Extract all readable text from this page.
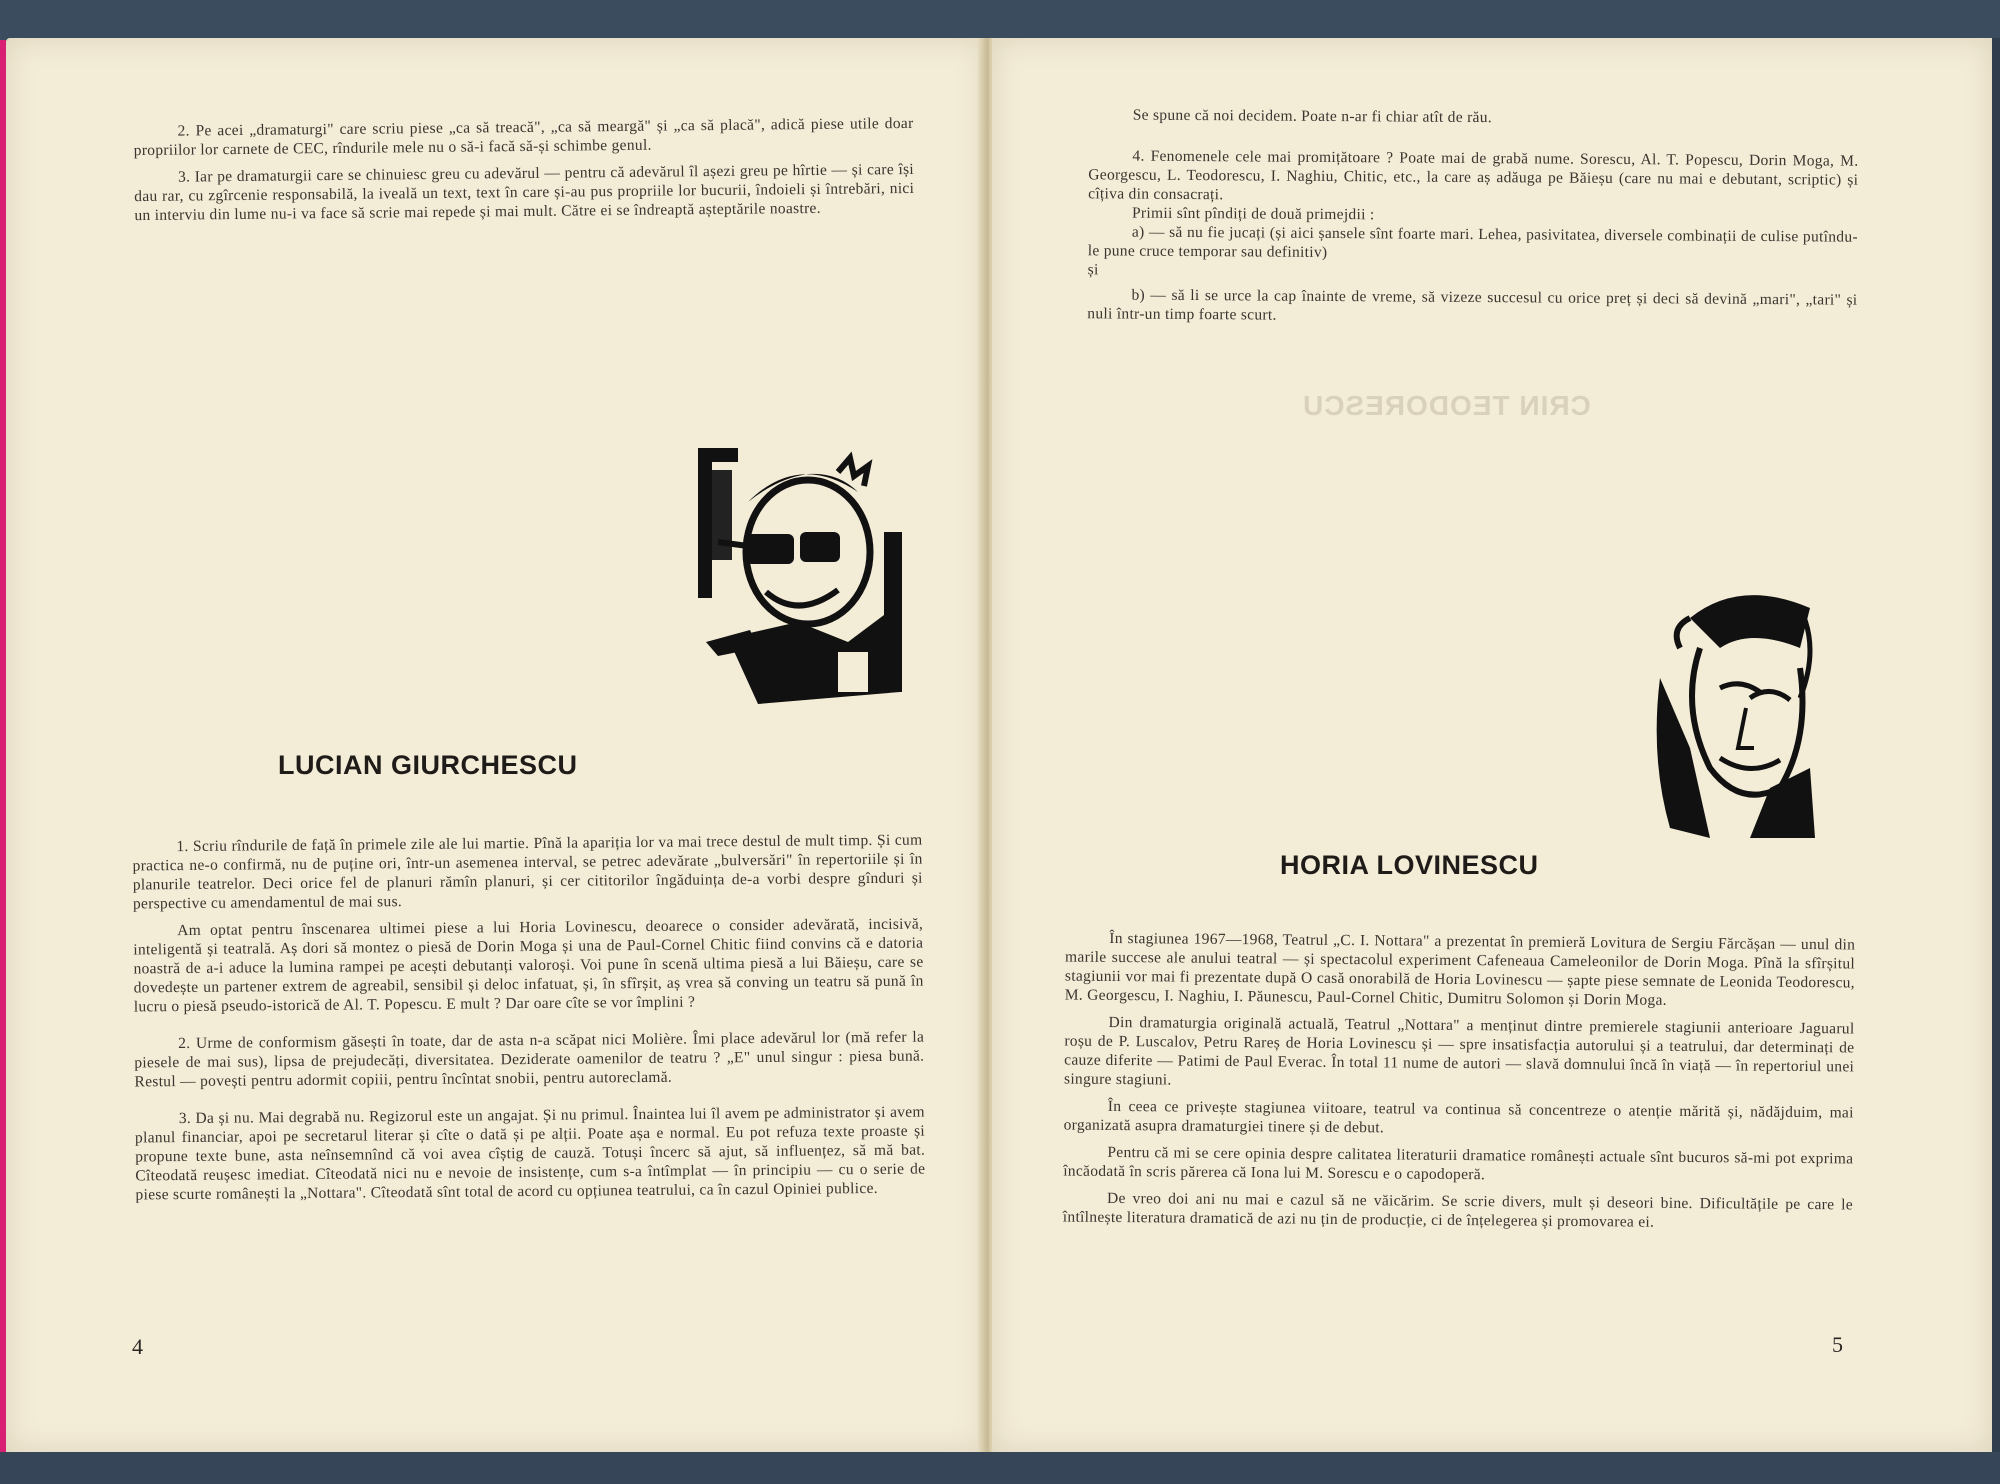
2. Pe acei „dramaturgi" care scriu piese „ca să treacă", „ca să meargă" și „ca să placă", adică piese utile doar propriilor lor carnete de CEC, rîndurile mele nu o să-i facă să-și schimbe genul.

3. Iar pe dramaturgii care se chinuiesc greu cu adevărul — pentru că adevărul îl așezi greu pe hîrtie — și care își dau rar, cu zgîrcenie responsabilă, la iveală un text, text în care și-au pus propriile lor bucurii, îndoieli și întrebări, nici un interviu din lume nu-i va face să scrie mai repede și mai mult. Către ei se îndreaptă așteptările noastre.

LUCIAN GIURCHESCU

1. Scriu rîndurile de față în primele zile ale lui martie. Pînă la apariția lor va mai trece destul de mult timp. Și cum practica ne-o confirmă, nu de puține ori, într-un asemenea interval, se petrec adevărate „bulversări" în repertoriile și în planurile teatrelor. Deci orice fel de planuri rămîn planuri, și cer cititorilor îngăduința de-a vorbi despre gînduri și perspective cu amendamentul de mai sus.

Am optat pentru înscenarea ultimei piese a lui Horia Lovinescu, deoarece o consider adevărată, incisivă, inteligentă și teatrală. Aș dori să montez o piesă de Dorin Moga și una de Paul-Cornel Chitic fiind convins că e datoria noastră de a-i aduce la lumina rampei pe acești debutanți valoroși. Voi pune în scenă ultima piesă a lui Băieșu, care se dovedește un partener extrem de agreabil, sensibil și deloc infatuat, și, în sfîrșit, aș vrea să conving un teatru să pună în lucru o piesă pseudo-istorică de Al. T. Popescu. E mult ? Dar oare cîte se vor împlini ?

2. Urme de conformism găsești în toate, dar de asta n-a scăpat nici Molière. Îmi place adevărul lor (mă refer la piesele de mai sus), lipsa de prejudecăți, diversitatea. Deziderate oamenilor de teatru ? „E" unul singur : piesa bună. Restul — povești pentru adormit copiii, pentru încîntat snobii, pentru autoreclamă.

3. Da și nu. Mai degrabă nu. Regizorul este un angajat. Și nu primul. Înaintea lui îl avem pe administrator și avem planul financiar, apoi pe secretarul literar și cîte o dată și pe alții. Poate așa e normal. Eu pot refuza texte proaste și propune texte bune, asta neînsemnînd că voi avea cîștig de cauză. Totuși încerc să ajut, să influențez, să mă bat. Cîteodată reușesc imediat. Cîteodată nici nu e nevoie de insistențe, cum s-a întîmplat — în principiu — cu o serie de piese scurte românești la „Nottara". Cîteodată sînt total de acord cu opțiunea teatrului, ca în cazul Opiniei publice.

4
CRIN TEODORESCU

Se spune că noi decidem. Poate n-ar fi chiar atît de rău.

4. Fenomenele cele mai promițătoare ? Poate mai de grabă nume. Sorescu, Al. T. Popescu, Dorin Moga, M. Georgescu, L. Teodorescu, I. Naghiu, Chitic, etc., la care aș adăuga pe Băieșu (care nu mai e debutant, scriptic) și cîțiva din consacrați.

Primii sînt pîndiți de două primejdii :

a) — să nu fie jucați (și aici șansele sînt foarte mari. Lehea, pasivitatea, diversele combinații de culise putîndu-le pune cruce temporar sau definitiv)

și

b) — să li se urce la cap înainte de vreme, să vizeze succesul cu orice preț și deci să devină „mari", „tari" și nuli într-un timp foarte scurt.

HORIA LOVINESCU

În stagiunea 1967—1968, Teatrul „C. I. Nottara" a prezentat în premieră Lovitura de Sergiu Fărcășan — unul din marile succese ale anului teatral — și spectacolul experiment Cafeneaua Cameleonilor de Dorin Moga. Pînă la sfîrșitul stagiunii vor mai fi prezentate după O casă onorabilă de Horia Lovinescu — șapte piese semnate de Leonida Teodorescu, M. Georgescu, I. Naghiu, I. Păunescu, Paul-Cornel Chitic, Dumitru Solomon și Dorin Moga.

Din dramaturgia originală actuală, Teatrul „Nottara" a menținut dintre premierele stagiunii anterioare Jaguarul roșu de P. Luscalov, Petru Rareș de Horia Lovinescu și — spre insatisfacția autorului și a teatrului, dar determinați de cauze diferite — Patimi de Paul Everac. În total 11 nume de autori — slavă domnului încă în viață — în repertoriul unei singure stagiuni.

În ceea ce privește stagiunea viitoare, teatrul va continua să concentreze o atenție mărită și, nădăjduim, mai organizată asupra dramaturgiei tinere și de debut.

Pentru că mi se cere opinia despre calitatea literaturii dramatice românești actuale sînt bucuros să-mi pot exprima încăodată în scris părerea că Iona lui M. Sorescu e o capodoperă.

De vreo doi ani nu mai e cazul să ne văicărim. Se scrie divers, mult și deseori bine. Dificultățile pe care le întîlnește literatura dramatică de azi nu țin de producție, ci de înțelegerea și promovarea ei.

5
